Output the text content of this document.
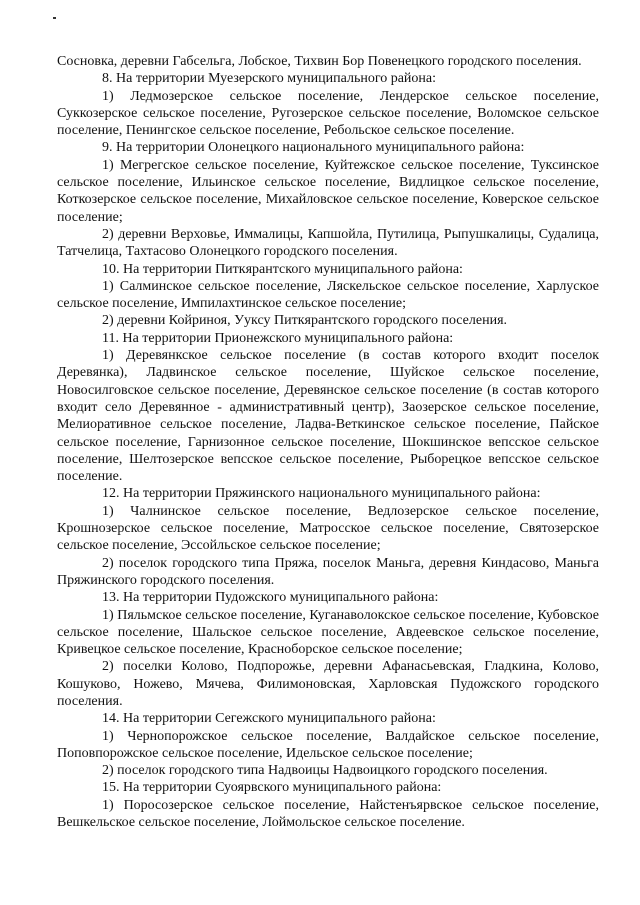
Сосновка, деревни Габсельга, Лобское, Тихвин Бор Повенецкого городского поселения.

8. На территории Муезерского муниципального района:

1) Ледмозерское сельское поселение, Лендерское сельское поселение, Суккозерское сельское поселение, Ругозерское сельское поселение, Воломское сельское поселение, Пенингское сельское поселение, Ребольское сельское поселение.

9. На территории Олонецкого национального муниципального района:

1) Мегрегское сельское поселение, Куйтежское сельское поселение, Туксинское сельское поселение, Ильинское сельское поселение, Видлицкое сельское поселение, Коткозерское сельское поселение, Михайловское сельское поселение, Коверское сельское поселение;

2) деревни Верховье, Иммалицы, Капшойла, Путилица, Рыпушкалицы, Судалица, Татчелица, Тахтасово Олонецкого городского поселения.

10. На территории Питкярантского муниципального района:

1) Салминское сельское поселение, Ляскельское сельское поселение, Харлуское сельское поселение, Импилахтинское сельское поселение;

2) деревни Койриноя, Ууксу Питкярантского городского поселения.

11. На территории Прионежского муниципального района:

1) Деревянкское сельское поселение (в состав которого входит поселок Деревянка), Ладвинское сельское поселение, Шуйское сельское поселение, Новосилговское сельское поселение, Деревянское сельское поселение (в состав которого входит село Деревянное - административный центр), Заозерское сельское поселение, Мелиоративное сельское поселение, Ладва-Веткинское сельское поселение, Пайское сельское поселение, Гарнизонное сельское поселение, Шокшинское вепсское сельское поселение, Шелтозерское вепсское сельское поселение, Рыборецкое вепсское сельское поселение.

12. На территории Пряжинского национального муниципального района:

1) Чалнинское сельское поселение, Ведлозерское сельское поселение, Крошнозерское сельское поселение, Матросское сельское поселение, Святозерское сельское поселение, Эссойльское сельское поселение;

2) поселок городского типа Пряжа, поселок Маньга, деревня Киндасово, Маньга Пряжинского городского поселения.

13. На территории Пудожского муниципального района:

1) Пяльмское сельское поселение, Куганаволокское сельское поселение, Кубовское сельское поселение, Шальское сельское поселение, Авдеевское сельское поселение, Кривецкое сельское поселение, Красноборское сельское поселение;

2) поселки Колово, Подпорожье, деревни Афанасьевская, Гладкина, Колово, Кошуково, Ножево, Мячева, Филимоновская, Харловская Пудожского городского поселения.

14. На территории Сегежского муниципального района:

1) Чернопорожское сельское поселение, Валдайское сельское поселение, Поповпорожское сельское поселение, Идельское сельское поселение;

2) поселок городского типа Надвоицы Надвоицкого городского поселения.

15. На территории Суоярвского муниципального района:

1) Поросозерское сельское поселение, Найстенъярвское сельское поселение, Вешкельское сельское поселение, Лоймольское сельское поселение.
